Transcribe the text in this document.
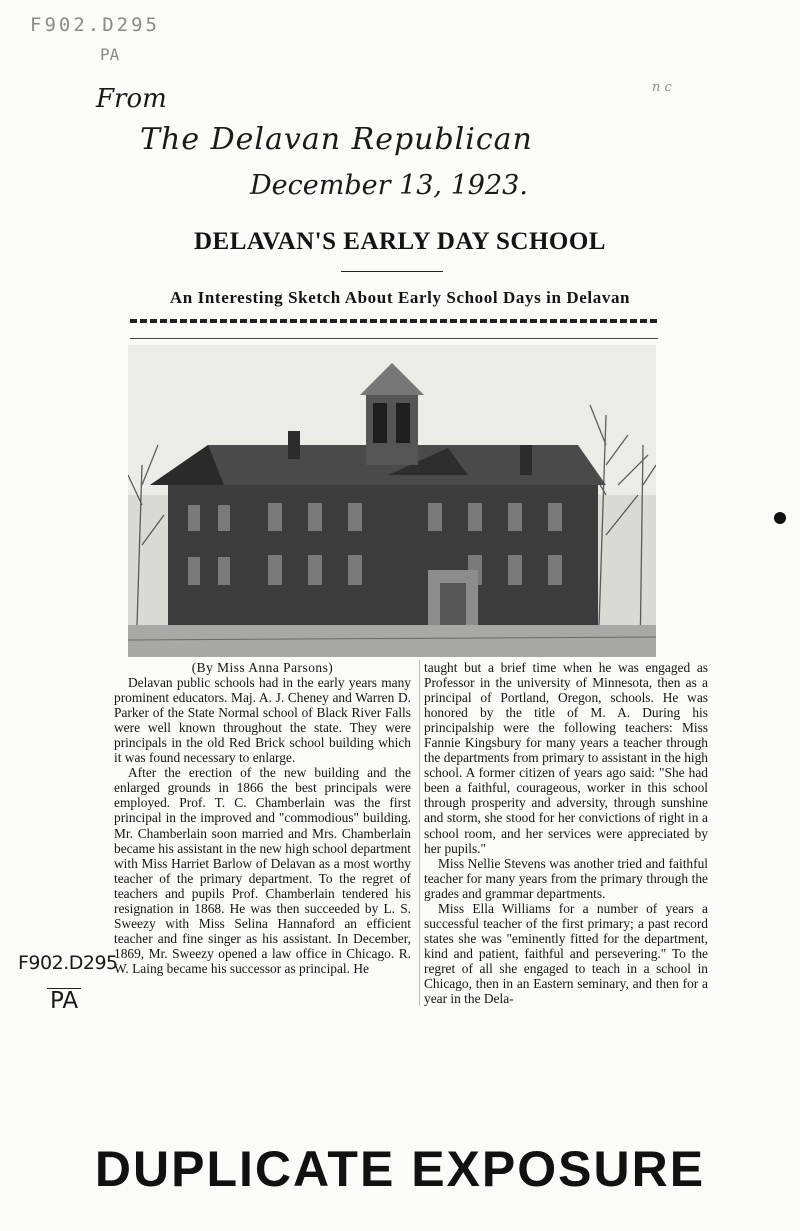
F902.D295
PA
From
The Delavan Republican
December 13, 1923.
n c
DELAVAN'S EARLY DAY SCHOOL
An Interesting Sketch About Early School Days in Delavan

(By Miss Anna Parsons)

Delavan public schools had in the early years many prominent educators. Maj. A. J. Cheney and Warren D. Parker of the State Normal school of Black River Falls were well known throughout the state. They were principals in the old Red Brick school building which it was found necessary to enlarge.

After the erection of the new building and the enlarged grounds in 1866 the best principals were employed. Prof. T. C. Chamberlain was the first principal in the improved and "commodious" building. Mr. Chamberlain soon married and Mrs. Chamberlain became his assistant in the new high school department with Miss Harriet Barlow of Delavan as a most worthy teacher of the primary department. To the regret of teachers and pupils Prof. Chamberlain tendered his resignation in 1868. He was then succeeded by L. S. Sweezy with Miss Selina Hannaford an efficient teacher and fine singer as his assistant. In December, 1869, Mr. Sweezy opened a law office in Chicago. R. W. Laing became his successor as principal. He

taught but a brief time when he was engaged as Professor in the university of Minnesota, then as a principal of Portland, Oregon, schools. He was honored by the title of M. A. During his principalship were the following teachers: Miss Fannie Kingsbury for many years a teacher through the departments from primary to assistant in the high school. A former citizen of years ago said: "She had been a faithful, courageous, worker in this school through prosperity and adversity, through sunshine and storm, she stood for her convictions of right in a school room, and her services were appreciated by her pupils."

Miss Nellie Stevens was another tried and faithful teacher for many years from the primary through the grades and grammar departments.

Miss Ella Williams for a number of years a successful teacher of the first primary; a past record states she was "eminently fitted for the department, kind and patient, faithful and persevering." To the regret of all she engaged to teach in a school in Chicago, then in an Eastern seminary, and then for a year in the Dela-

F902.D295
PA
DUPLICATE EXPOSURE
